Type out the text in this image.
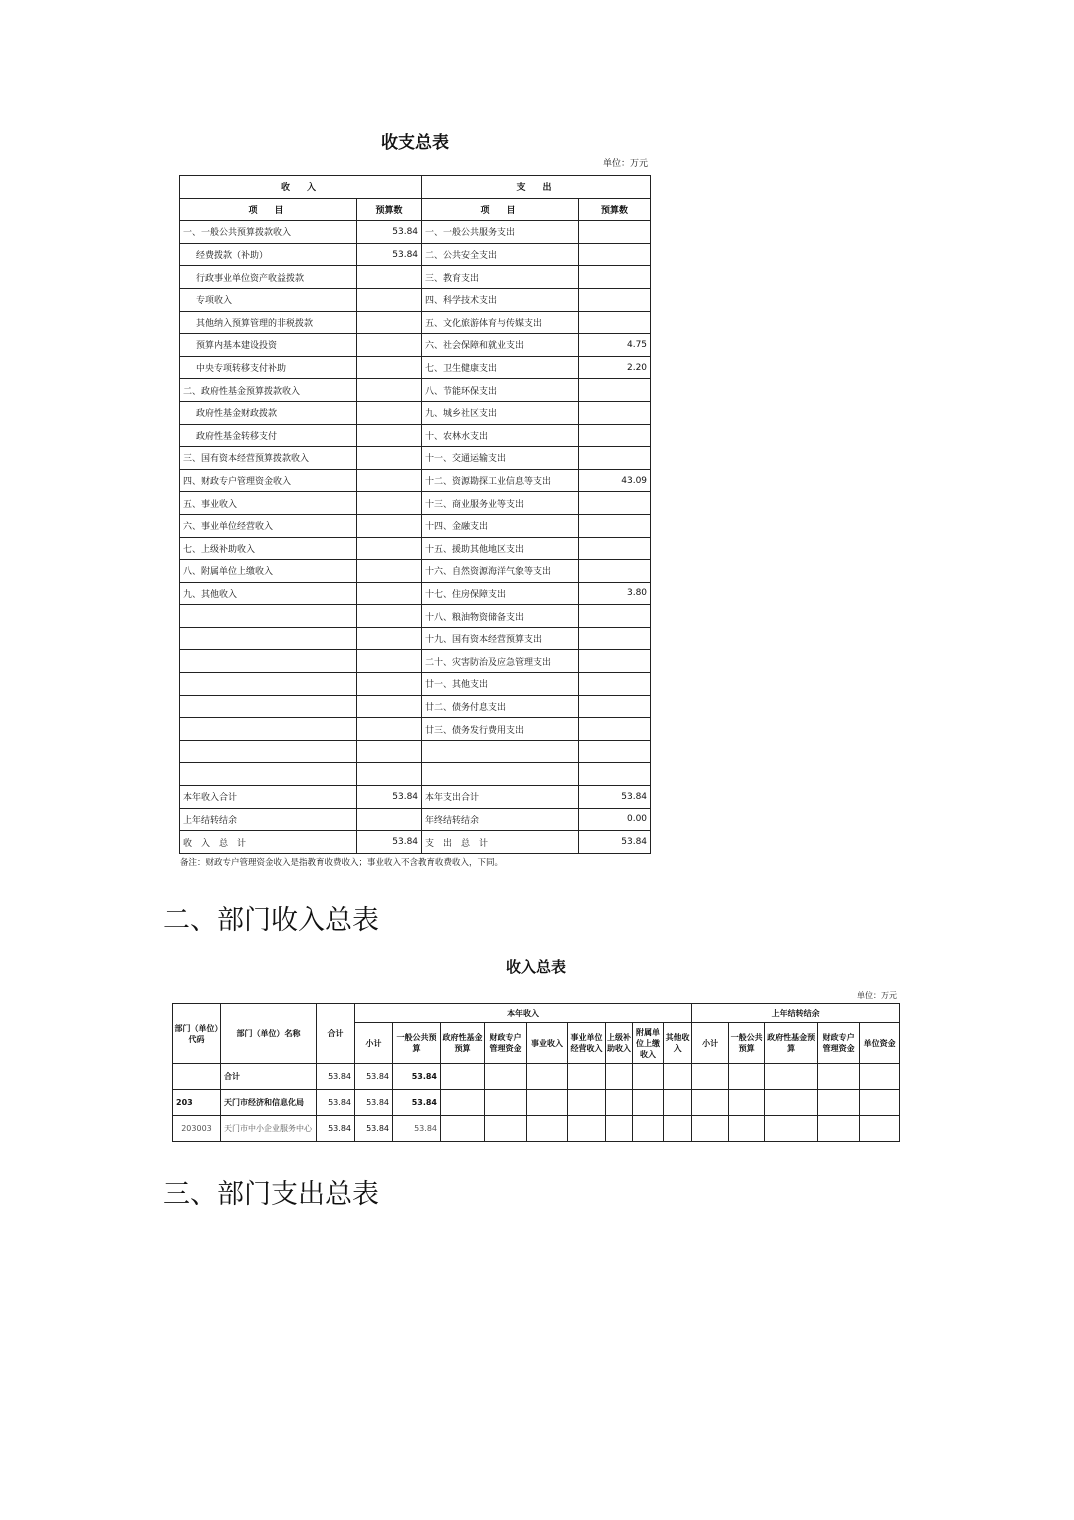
收支总表
单位：万元
收　入		支　出	
项　目	预算数	项　目	预算数
一、一般公共预算拨款收入	53.84	一、一般公共服务支出	
经费拨款（补助）	53.84	二、公共安全支出	
行政事业单位资产收益拨款		三、教育支出	
专项收入		四、科学技术支出	
其他纳入预算管理的非税拨款		五、文化旅游体育与传媒支出	
预算内基本建设投资		六、社会保障和就业支出	4.75
中央专项转移支付补助		七、卫生健康支出	2.20
二、政府性基金预算拨款收入		八、节能环保支出	
政府性基金财政拨款		九、城乡社区支出	
政府性基金转移支付		十、农林水支出	
三、国有资本经营预算拨款收入		十一、交通运输支出	
四、财政专户管理资金收入		十二、资源勘探工业信息等支出	43.09
五、事业收入		十三、商业服务业等支出	
六、事业单位经营收入		十四、金融支出	
七、上级补助收入		十五、援助其他地区支出	
八、附属单位上缴收入		十六、自然资源海洋气象等支出	
九、其他收入		十七、住房保障支出	3.80
		十八、粮油物资储备支出	
		十九、国有资本经营预算支出	
		二十、灾害防治及应急管理支出	
		廿一、其他支出	
		廿二、债务付息支出	
		廿三、债务发行费用支出	

本年收入合计	53.84	本年支出合计	53.84
上年结转结余		年终结转结余	0.00
收　入　总　计	53.84	支　出　总　计	53.84
备注：财政专户管理资金收入是指教育收费收入；事业收入不含教育收费收入，下同。
二、部门收入总表
收入总表
单位：万元
部门（单位）代码	部门（单位）名称	合计	本年收入									上年结转结余				
			小计	一般公共预算	政府性基金预算	财政专户管理资金	事业收入	事业单位经营收入	上级补助收入	附属单位上缴收入	其他收入	小计	一般公共预算	政府性基金预算	财政专户管理资金	单位资金
	合计	53.84	53.84	53.84												
203	天门市经济和信息化局	53.84	53.84	53.84												
203003	天门市中小企业服务中心	53.84	53.84	53.84												
三、部门支出总表
